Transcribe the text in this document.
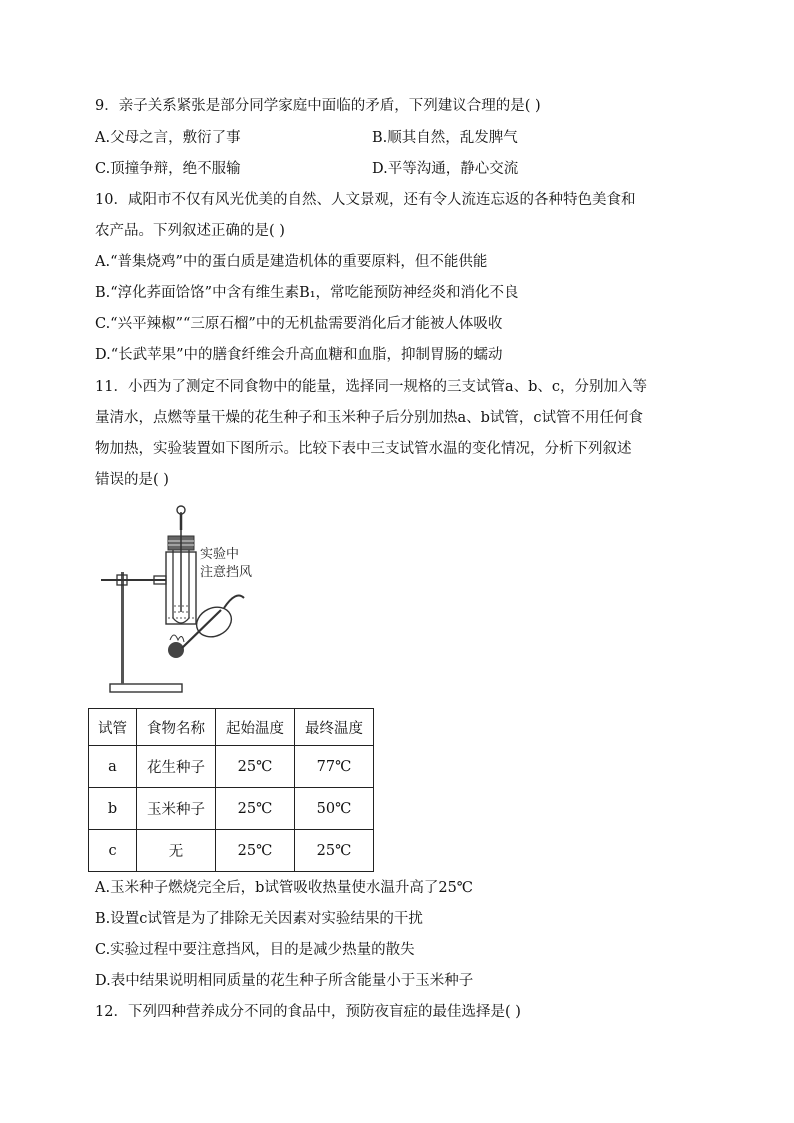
9．亲子关系紧张是部分同学家庭中面临的矛盾，下列建议合理的是( )
A.父母之言，敷衍了事	B.顺其自然，乱发脾气
C.顶撞争辩，绝不服输	D.平等沟通，静心交流
10．咸阳市不仅有风光优美的自然、人文景观，还有令人流连忘返的各种特色美食和
农产品。下列叙述正确的是( )
A.“普集烧鸡”中的蛋白质是建造机体的重要原料，但不能供能
B.“淳化荞面饸饹”中含有维生素B₁，常吃能预防神经炎和消化不良
C.“兴平辣椒”“三原石榴”中的无机盐需要消化后才能被人体吸收
D.“长武苹果”中的膳食纤维会升高血糖和血脂，抑制胃肠的蠕动
11．小西为了测定不同食物中的能量，选择同一规格的三支试管a、b、c，分别加入等
量清水，点燃等量干燥的花生种子和玉米种子后分别加热a、b试管，c试管不用任何食
物加热，实验装置如下图所示。比较下表中三支试管水温的变化情况，分析下列叙述
错误的是( )
实验中
注意挡风
试管	食物名称	起始温度	最终温度
a	花生种子	25℃	77℃
b	玉米种子	25℃	50℃
c	无	25℃	25℃
A.玉米种子燃烧完全后，b试管吸收热量使水温升高了25℃
B.设置c试管是为了排除无关因素对实验结果的干扰
C.实验过程中要注意挡风，目的是减少热量的散失
D.表中结果说明相同质量的花生种子所含能量小于玉米种子
12．下列四种营养成分不同的食品中，预防夜盲症的最佳选择是( )
